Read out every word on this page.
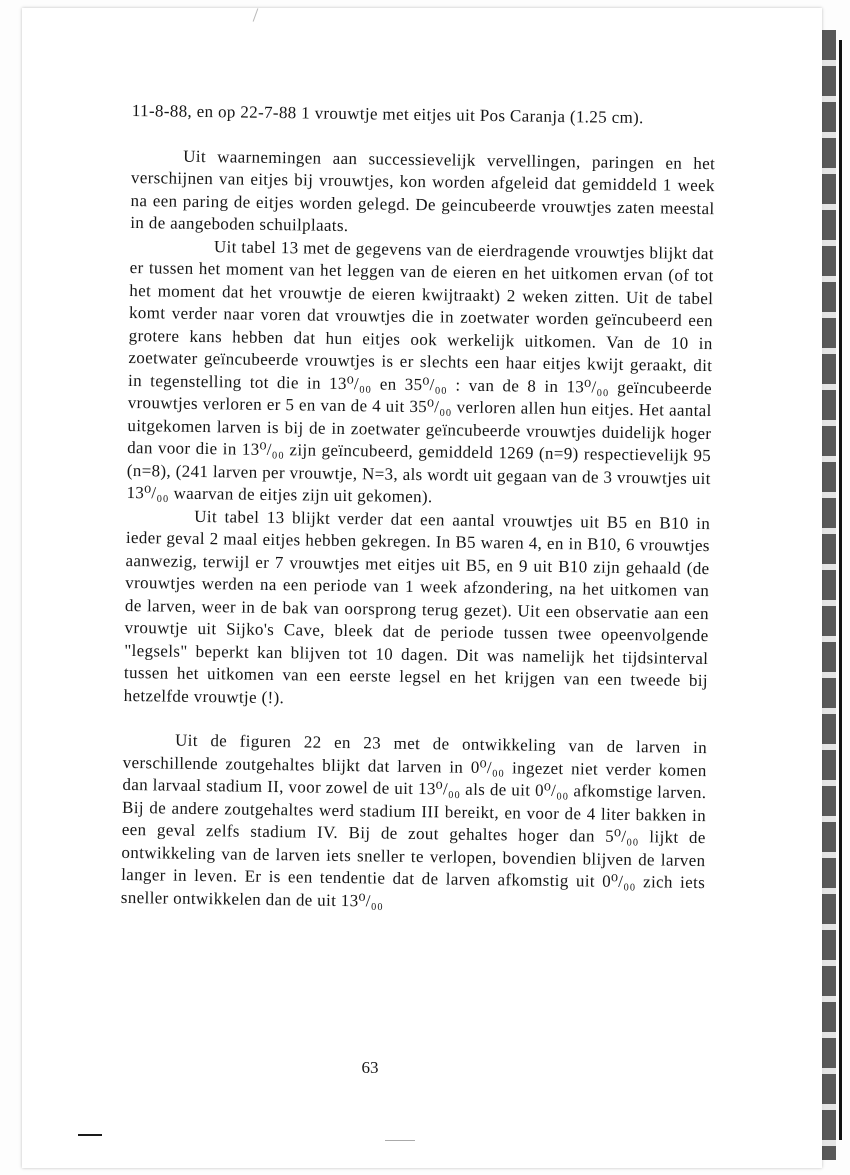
11-8-88, en op 22-7-88 1 vrouwtje met eitjes uit Pos Caranja (1.25 cm).

Uit waarnemingen aan successievelijk vervellingen, paringen en het verschijnen van eitjes bij vrouwtjes, kon worden afgeleid dat gemiddeld 1 week na een paring de eitjes worden gelegd. De geincubeerde vrouwtjes zaten meestal in de aangeboden schuilplaats.

Uit tabel 13 met de gegevens van de eierdragende vrouwtjes blijkt dat er tussen het moment van het leggen van de eieren en het uitkomen ervan (of tot het moment dat het vrouwtje de eieren kwijtraakt) 2 weken zitten. Uit de tabel komt verder naar voren dat vrouwtjes die in zoetwater worden geïncubeerd een grotere kans hebben dat hun eitjes ook werkelijk uitkomen. Van de 10 in zoetwater geïncubeerde vrouwtjes is er slechts een haar eitjes kwijt geraakt, dit in tegenstelling tot die in 13⁰/₀₀ en 35⁰/₀₀ : van de 8 in 13⁰/₀₀ geïncubeerde vrouwtjes verloren er 5 en van de 4 uit 35⁰/₀₀ verloren allen hun eitjes. Het aantal uitgekomen larven is bij de in zoetwater geïncubeerde vrouwtjes duidelijk hoger dan voor die in 13⁰/₀₀ zijn geïncubeerd, gemiddeld 1269 (n=9) respectievelijk 95 (n=8), (241 larven per vrouwtje, N=3, als wordt uit gegaan van de 3 vrouwtjes uit 13⁰/₀₀ waarvan de eitjes zijn uit gekomen).

Uit tabel 13 blijkt verder dat een aantal vrouwtjes uit B5 en B10 in ieder geval 2 maal eitjes hebben gekregen. In B5 waren 4, en in B10, 6 vrouwtjes aanwezig, terwijl er 7 vrouwtjes met eitjes uit B5, en 9 uit B10 zijn gehaald (de vrouwtjes werden na een periode van 1 week afzondering, na het uitkomen van de larven, weer in de bak van oorsprong terug gezet). Uit een observatie aan een vrouwtje uit Sijko's Cave, bleek dat de periode tussen twee opeenvolgende "legsels" beperkt kan blijven tot 10 dagen. Dit was namelijk het tijdsinterval tussen het uitkomen van een eerste legsel en het krijgen van een tweede bij hetzelfde vrouwtje (!).

Uit de figuren 22 en 23 met de ontwikkeling van de larven in verschillende zoutgehaltes blijkt dat larven in 0⁰/₀₀ ingezet niet verder komen dan larvaal stadium II, voor zowel de uit 13⁰/₀₀ als de uit 0⁰/₀₀ afkomstige larven. Bij de andere zoutgehaltes werd stadium III bereikt, en voor de 4 liter bakken in een geval zelfs stadium IV. Bij de zout gehaltes hoger dan 5⁰/₀₀ lijkt de ontwikkeling van de larven iets sneller te verlopen, bovendien blijven de larven langer in leven. Er is een tendentie dat de larven afkomstig uit 0⁰/₀₀ zich iets sneller ontwikkelen dan de uit 13⁰/₀₀

63
